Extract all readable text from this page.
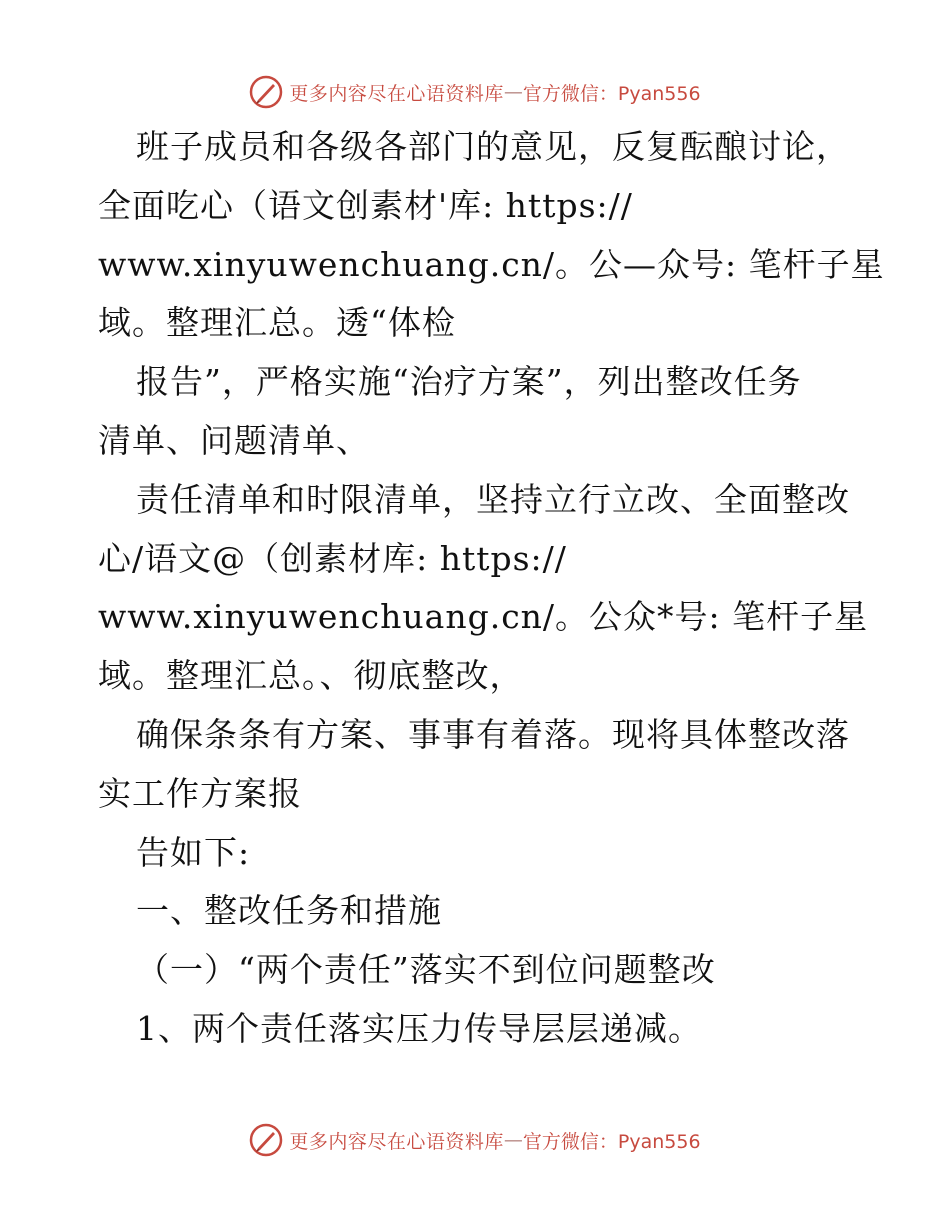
更多内容尽在心语资料库 — 官方微信：Pyan556
班子成员和各级各部门的意见，反复酝酿讨论，
全面吃心（语文创素材'库: https://
www.xinyuwenchuang.cn/。公—众号: 笔杆子星
域。整理汇总。透“体检
报告”，严格实施“治疗方案”，列出整改任务
清单、问题清单、
责任清单和时限清单，坚持立行立改、全面整改
心/语文@（创素材库: https://
www.xinyuwenchuang.cn/。公众*号: 笔杆子星
域。整理汇总。、彻底整改，
确保条条有方案、事事有着落。现将具体整改落
实工作方案报
告如下:
一、整改任务和措施
（一）“两个责任”落实不到位问题整改
1、两个责任落实压力传导层层递减。
更多内容尽在心语资料库 — 官方微信：Pyan556
